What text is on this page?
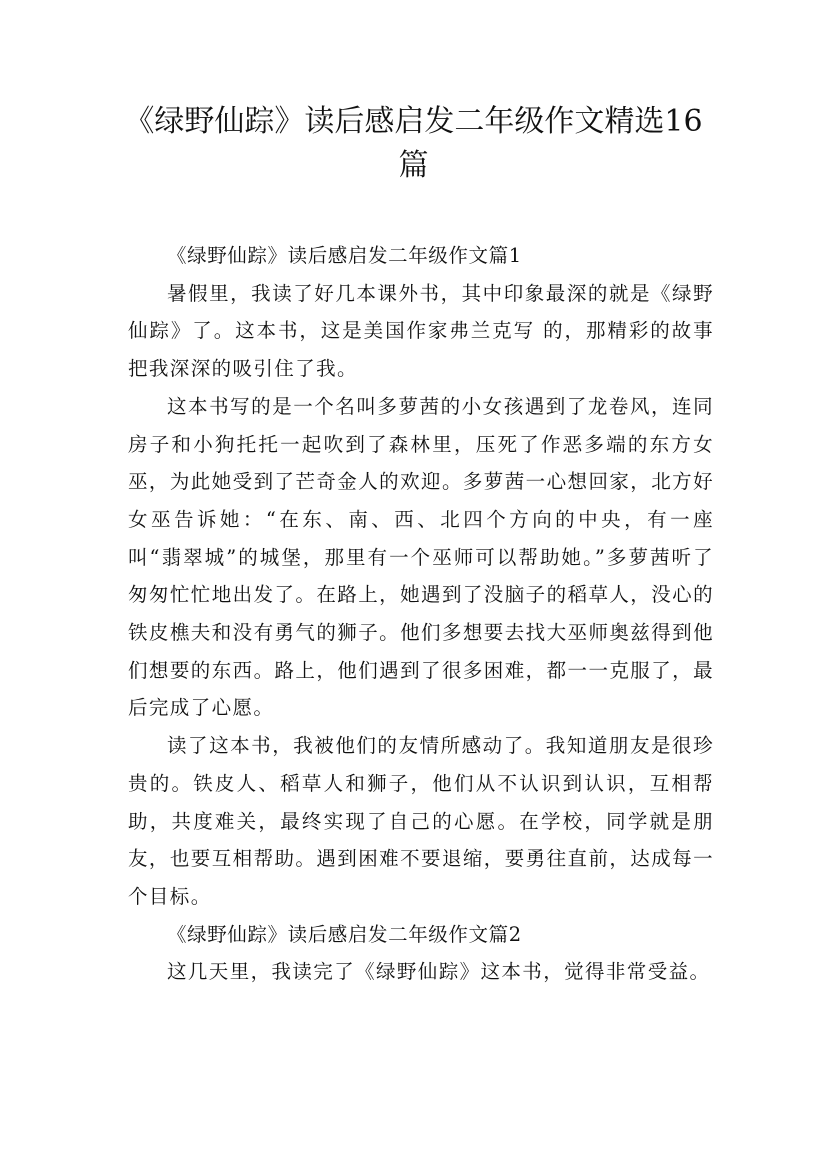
《绿野仙踪》读后感启发二年级作文精选16篇

《绿野仙踪》读后感启发二年级作文篇1

暑假里，我读了好几本课外书，其中印象最深的就是《绿野仙踪》了。这本书，这是美国作家弗兰克写 的，那精彩的故事把我深深的吸引住了我。

这本书写的是一个名叫多萝茜的小女孩遇到了龙卷风，连同房子和小狗托托一起吹到了森林里，压死了作恶多端的东方女巫，为此她受到了芒奇金人的欢迎。多萝茜一心想回家，北方好女巫告诉她：“在东、南、西、北四个方向的中央，有一座叫“翡翠城”的城堡，那里有一个巫师可以帮助她。”多萝茜听了匆匆忙忙地出发了。在路上，她遇到了没脑子的稻草人，没心的铁皮樵夫和没有勇气的狮子。他们多想要去找大巫师奥兹得到他们想要的东西。路上，他们遇到了很多困难，都一一克服了，最后完成了心愿。

读了这本书，我被他们的友情所感动了。我知道朋友是很珍贵的。铁皮人、稻草人和狮子，他们从不认识到认识，互相帮助，共度难关，最终实现了自己的心愿。在学校，同学就是朋友，也要互相帮助。遇到困难不要退缩，要勇往直前，达成每一个目标。

《绿野仙踪》读后感启发二年级作文篇2

这几天里，我读完了《绿野仙踪》这本书，觉得非常受益。
